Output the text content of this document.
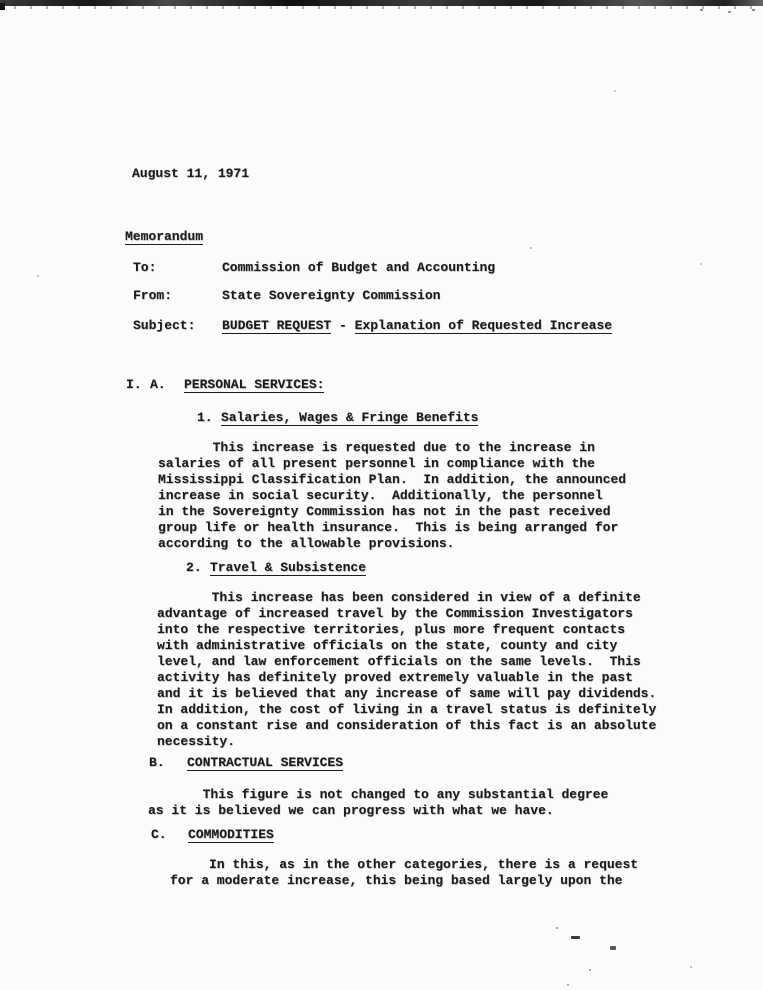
August 11, 1971
Memorandum
To:	Commission of Budget and Accounting
From:	State Sovereignty Commission
Subject: BUDGET REQUEST - Explanation of Requested Increase
I. A. PERSONAL SERVICES:
1. Salaries, Wages & Fringe Benefits
This increase is requested due to the increase in
salaries of all present personnel in compliance with the
Mississippi Classification Plan.  In addition, the announced
increase in social security.  Additionally, the personnel
in the Sovereignty Commission has not in the past received
group life or health insurance.  This is being arranged for
according to the allowable provisions.
2. Travel & Subsistence
This increase has been considered in view of a definite
advantage of increased travel by the Commission Investigators
into the respective territories, plus more frequent contacts
with administrative officials on the state, county and city
level, and law enforcement officials on the same levels.  This
activity has definitely proved extremely valuable in the past
and it is believed that any increase of same will pay dividends.
In addition, the cost of living in a travel status is definitely
on a constant rise and consideration of this fact is an absolute
necessity.
B. CONTRACTUAL SERVICES
This figure is not changed to any substantial degree
as it is believed we can progress with what we have.
C. COMMODITIES
In this, as in the other categories, there is a request
for a moderate increase, this being based largely upon the
